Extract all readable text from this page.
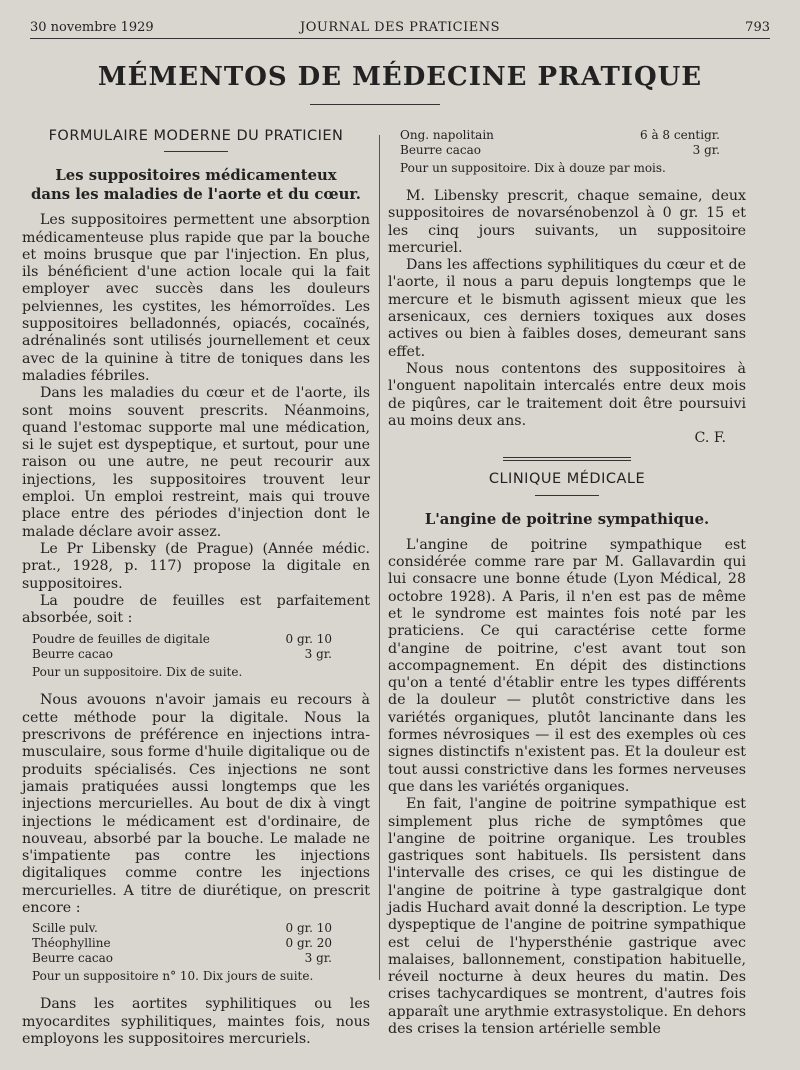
30 novembre 1929	JOURNAL DES PRATICIENS	793
MÉMENTOS DE MÉDECINE PRATIQUE
FORMULAIRE MODERNE DU PRATICIEN
Les suppositoires médicamenteux
dans les maladies de l'aorte et du cœur.

Les suppositoires permettent une absorption médicamenteuse plus rapide que par la bouche et moins brusque que par l'injection. En plus, ils bénéficient d'une action locale qui la fait employer avec succès dans les douleurs pelviennes, les cystites, les hémorroïdes. Les suppositoires belladonnés, opiacés, cocaïnés, adrénalinés sont utilisés journellement et ceux avec de la quinine à titre de toniques dans les maladies fébriles.

Dans les maladies du cœur et de l'aorte, ils sont moins souvent prescrits. Néanmoins, quand l'estomac supporte mal une médication, si le sujet est dyspeptique, et surtout, pour une raison ou une autre, ne peut recourir aux injections, les suppositoires trouvent leur emploi. Un emploi restreint, mais qui trouve place entre des périodes d'injection dont le malade déclare avoir assez.

Le Pr Libensky (de Prague) (Année médic. prat., 1928, p. 117) propose la digitale en suppositoires.

La poudre de feuilles est parfaitement absorbée, soit :

Poudre de feuilles de digitale	0 gr. 10
Beurre cacao	3 gr.
Pour un suppositoire. Dix de suite.

Nous avouons n'avoir jamais eu recours à cette méthode pour la digitale. Nous la prescrivons de préférence en injections intra-musculaire, sous forme d'huile digitalique ou de produits spécialisés. Ces injections ne sont jamais pratiquées aussi longtemps que les injections mercurielles. Au bout de dix à vingt injections le médicament est d'ordinaire, de nouveau, absorbé par la bouche. Le malade ne s'impatiente pas contre les injections digitaliques comme contre les injections mercurielles. A titre de diurétique, on prescrit encore :

Scille pulv.	0 gr. 10
Théophylline	0 gr. 20
Beurre cacao	3 gr.
Pour un suppositoire n° 10. Dix jours de suite.

Dans les aortites syphilitiques ou les myocardites syphilitiques, maintes fois, nous employons les suppositoires mercuriels.

Ong. napolitain	6 à 8 centigr.
Beurre cacao	3 gr.
Pour un suppositoire. Dix à douze par mois.

M. Libensky prescrit, chaque semaine, deux suppositoires de novarsénobenzol à 0 gr. 15 et les cinq jours suivants, un suppositoire mercuriel.

Dans les affections syphilitiques du cœur et de l'aorte, il nous a paru depuis longtemps que le mercure et le bismuth agissent mieux que les arsenicaux, ces derniers toxiques aux doses actives ou bien à faibles doses, demeurant sans effet.

Nous nous contentons des suppositoires à l'onguent napolitain intercalés entre deux mois de piqûres, car le traitement doit être poursuivi au moins deux ans.

C. F.
CLINIQUE MÉDICALE
L'angine de poitrine sympathique.

L'angine de poitrine sympathique est considérée comme rare par M. Gallavardin qui lui consacre une bonne étude (Lyon Médical, 28 octobre 1928). A Paris, il n'en est pas de même et le syndrome est maintes fois noté par les praticiens. Ce qui caractérise cette forme d'angine de poitrine, c'est avant tout son accompagnement. En dépit des distinctions qu'on a tenté d'établir entre les types différents de la douleur — plutôt constrictive dans les variétés organiques, plutôt lancinante dans les formes névrosiques — il est des exemples où ces signes distinctifs n'existent pas. Et la douleur est tout aussi constrictive dans les formes nerveuses que dans les variétés organiques.

En fait, l'angine de poitrine sympathique est simplement plus riche de symptômes que l'angine de poitrine organique. Les troubles gastriques sont habituels. Ils persistent dans l'intervalle des crises, ce qui les distingue de l'angine de poitrine à type gastralgique dont jadis Huchard avait donné la description. Le type dyspeptique de l'angine de poitrine sympathique est celui de l'hypersthénie gastrique avec malaises, ballonnement, constipation habituelle, réveil nocturne à deux heures du matin. Des crises tachycardiques se montrent, d'autres fois apparaît une arythmie extrasystolique. En dehors des crises la tension artérielle semble
